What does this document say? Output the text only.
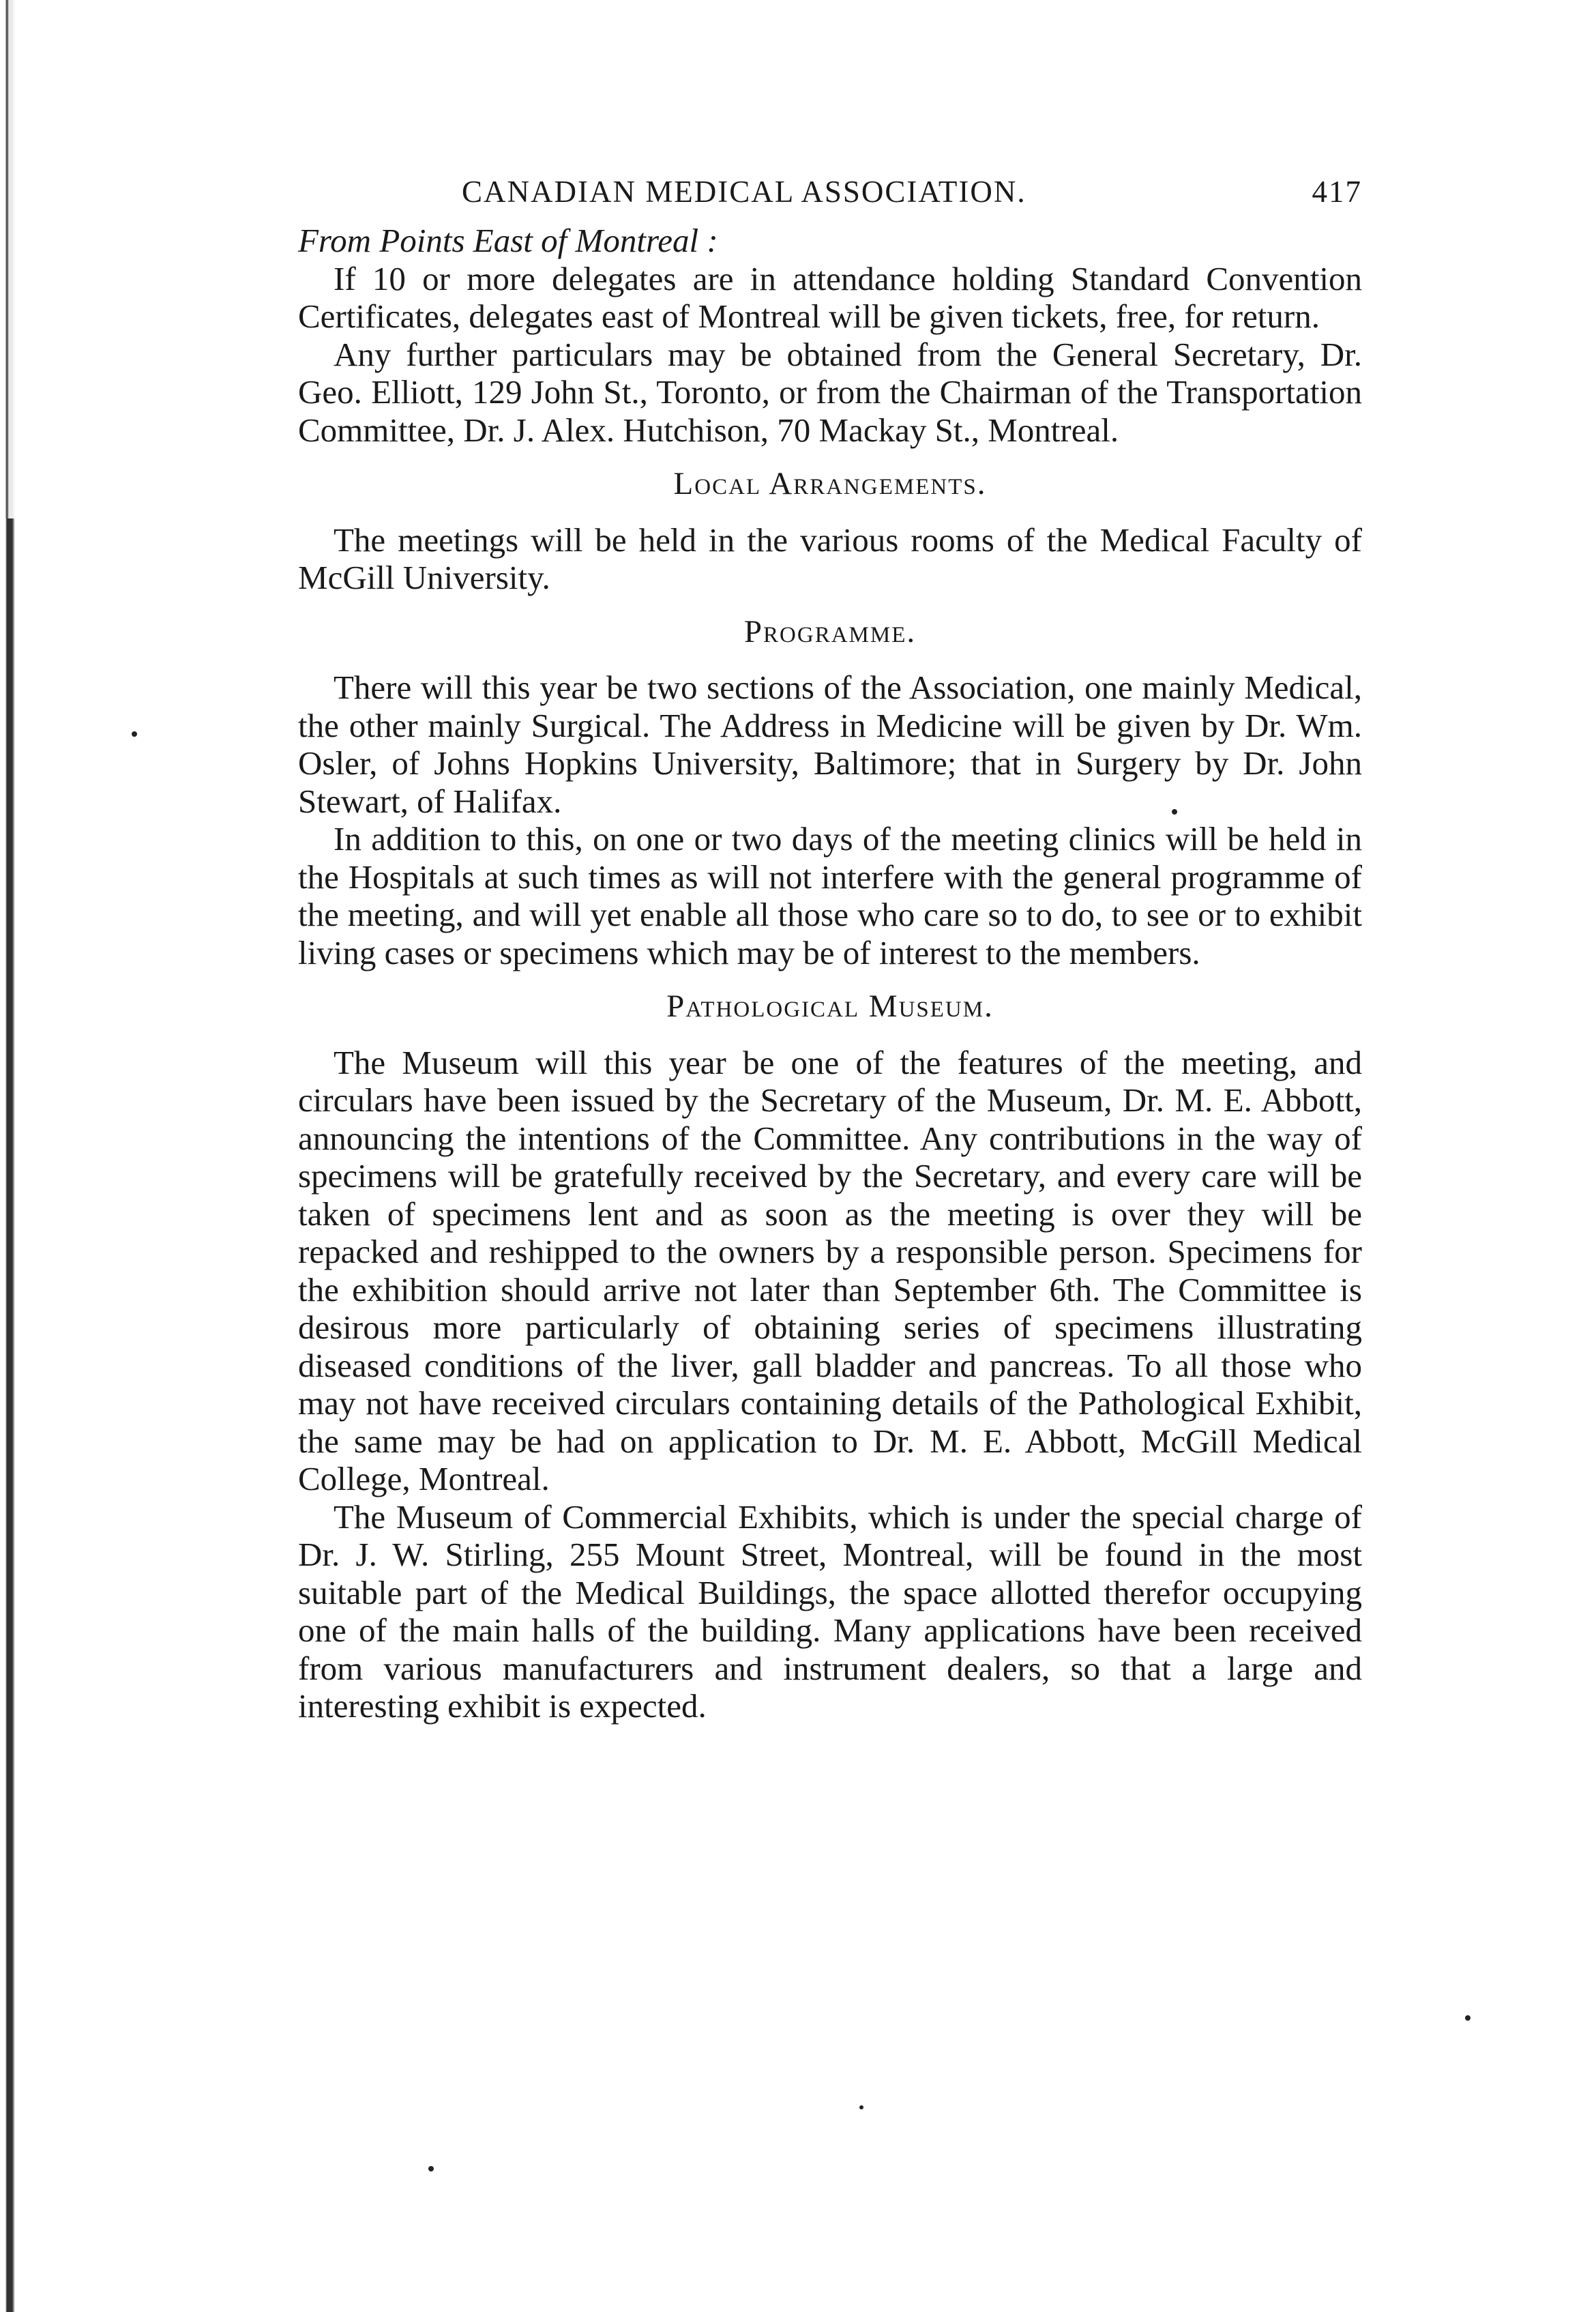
CANADIAN MEDICAL ASSOCIATION.	417

From Points East of Montreal :

If 10 or more delegates are in attendance holding Standard Convention Certificates, delegates east of Montreal will be given tickets, free, for return.

Any further particulars may be obtained from the General Secretary, Dr. Geo. Elliott, 129 John St., Toronto, or from the Chairman of the Transportation Committee, Dr. J. Alex. Hutchison, 70 Mackay St., Montreal.

Local Arrangements.

The meetings will be held in the various rooms of the Medical Faculty of McGill University.

Programme.

There will this year be two sections of the Association, one mainly Medical, the other mainly Surgical. The Address in Medicine will be given by Dr. Wm. Osler, of Johns Hopkins University, Baltimore; that in Surgery by Dr. John Stewart, of Halifax.

In addition to this, on one or two days of the meeting clinics will be held in the Hospitals at such times as will not interfere with the general programme of the meeting, and will yet enable all those who care so to do, to see or to exhibit living cases or specimens which may be of interest to the members.

Pathological Museum.

The Museum will this year be one of the features of the meeting, and circulars have been issued by the Secretary of the Museum, Dr. M. E. Abbott, announcing the intentions of the Committee. Any contributions in the way of specimens will be gratefully received by the Secretary, and every care will be taken of specimens lent and as soon as the meeting is over they will be repacked and reshipped to the owners by a responsible person. Specimens for the exhibition should arrive not later than September 6th. The Committee is desirous more particularly of obtaining series of specimens illustrating diseased conditions of the liver, gall bladder and pancreas. To all those who may not have received circulars containing details of the Pathological Exhibit, the same may be had on application to Dr. M. E. Abbott, McGill Medical College, Montreal.

The Museum of Commercial Exhibits, which is under the special charge of Dr. J. W. Stirling, 255 Mount Street, Montreal, will be found in the most suitable part of the Medical Buildings, the space allotted therefor occupying one of the main halls of the building. Many applications have been received from various manufacturers and instrument dealers, so that a large and interesting exhibit is expected.
